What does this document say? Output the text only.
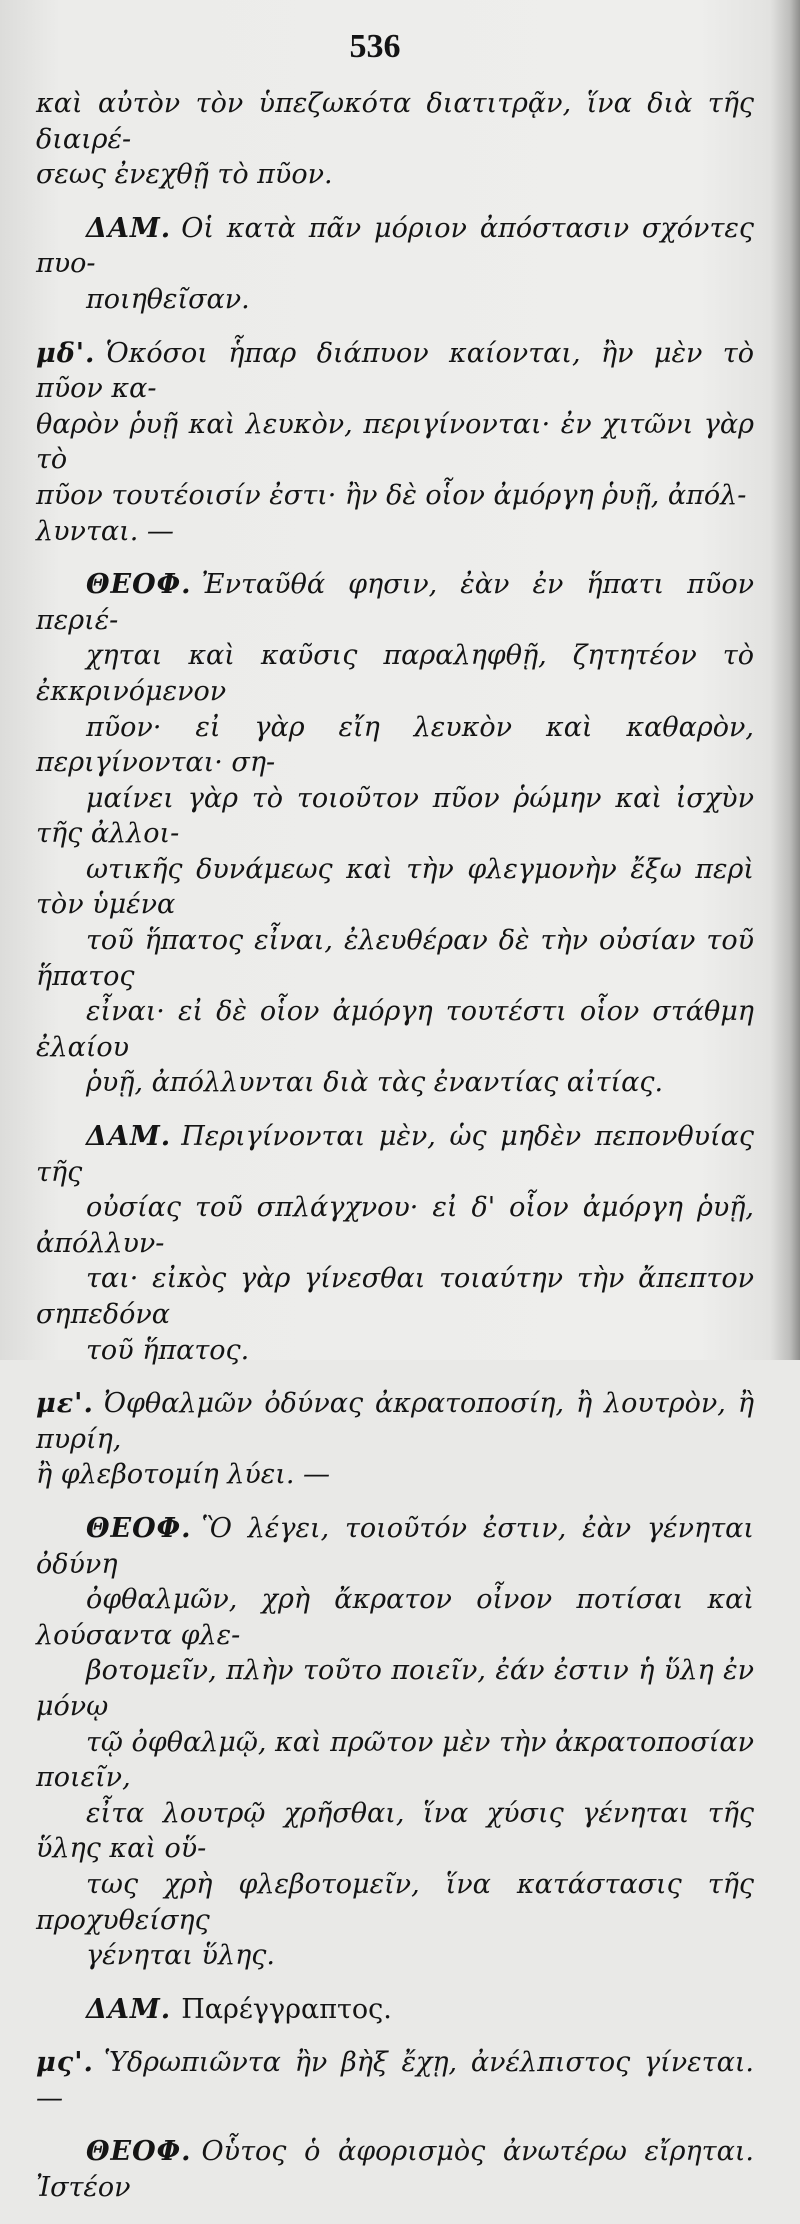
536

καὶ αὐτὸν τὸν ὑπεζωκότα διατιτρᾷν, ἵνα διὰ τῆς διαιρέ-
σεως ἐνεχθῇ τὸ πῦον.

ΔΑΜ. Οἱ κατὰ πᾶν μόριον ἀπόστασιν σχόντες πυο-
ποιηθεῖσαν.

μδ'. Ὁκόσοι ἧπαρ διάπυον καίονται, ἢν μὲν τὸ πῦον κα-
θαρὸν ῥυῇ καὶ λευκὸν, περιγίνονται· ἐν χιτῶνι γὰρ τὸ
πῦον τουτέοισίν ἐστι· ἢν δὲ οἷον ἀμόργη ῥυῇ, ἀπόλ-
λυνται. —

ΘΕΟΦ. Ἐνταῦθά φησιν, ἐὰν ἐν ἥπατι πῦον περιέ-
χηται καὶ καῦσις παραληφθῇ, ζητητέον τὸ ἐκκρινόμενον
πῦον· εἰ γὰρ εἴη λευκὸν καὶ καθαρὸν, περιγίνονται· ση-
μαίνει γὰρ τὸ τοιοῦτον πῦον ῥώμην καὶ ἰσχὺν τῆς ἀλλοι-
ωτικῆς δυνάμεως καὶ τὴν φλεγμονὴν ἔξω περὶ τὸν ὑμένα
τοῦ ἥπατος εἶναι, ἐλευθέραν δὲ τὴν οὐσίαν τοῦ ἥπατος
εἶναι· εἰ δὲ οἷον ἀμόργη τουτέστι οἷον στάθμη ἐλαίου
ῥυῇ, ἀπόλλυνται διὰ τὰς ἐναντίας αἰτίας.

ΔΑΜ. Περιγίνονται μὲν, ὡς μηδὲν πεπονθυίας τῆς
οὐσίας τοῦ σπλάγχνου· εἰ δ' οἷον ἀμόργη ῥυῇ, ἀπόλλυν-
ται· εἰκὸς γὰρ γίνεσθαι τοιαύτην τὴν ἄπεπτον σηπεδόνα
τοῦ ἥπατος.

με'. Ὀφθαλμῶν ὀδύνας ἀκρατοποσίη, ἢ λουτρὸν, ἢ πυρίη,
ἢ φλεβοτομίη λύει. —

ΘΕΟΦ. Ὃ λέγει, τοιοῦτόν ἐστιν, ἐὰν γένηται ὀδύνη
ὀφθαλμῶν, χρὴ ἄκρατον οἶνον ποτίσαι καὶ λούσαντα φλε-
βοτομεῖν, πλὴν τοῦτο ποιεῖν, ἐάν ἐστιν ἡ ὕλη ἐν μόνῳ
τῷ ὀφθαλμῷ, καὶ πρῶτον μὲν τὴν ἀκρατοποσίαν ποιεῖν,
εἶτα λουτρῷ χρῆσθαι, ἵνα χύσις γένηται τῆς ὕλης καὶ οὕ-
τως χρὴ φλεβοτομεῖν, ἵνα κατάστασις τῆς προχυθείσης
γένηται ὕλης.

ΔΑΜ. Παρέγγραπτος.

μς'. Ὑδρωπιῶντα ἢν βὴξ ἔχῃ, ἀνέλπιστος γίνεται. —

ΘΕΟΦ. Οὗτος ὁ ἀφορισμὸς ἀνωτέρω εἴρηται. Ἰστέον
